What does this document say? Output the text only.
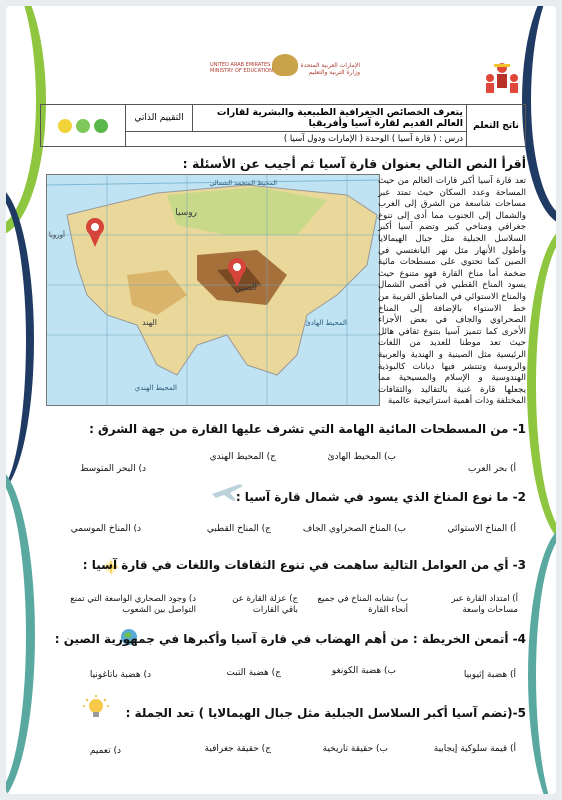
الإمارات العربية المتحدة
وزارة التربية والتعليم
UNITED ARAB EMIRATES
MINISTRY OF EDUCATION
ناتج التعلم	
يتعرف الخصائص الجغرافية الطبيعية والبشرية لقارات
العالم القديم لقارة آسيا وأفريقيا
	التقييم الذاتي	
درس : ( قارة آسيا ) الوحدة ( الإمارات ودول آسيا )
أقرأ النص التالي بعنوان قارة آسيا ثم أجيب عن الأسئلة :
روسيا
أوروبا
الصين
الهند	المحيط الهادئ
المحيط الهندي
المحيط المتجمد الشمالي	تعد قارة آسيا أكبر قارات العالم من حيث المساحة وعدد السكان حيث تمتد عبر مساحات شاسعة من الشرق إلى الغرب والشمال إلى الجنوب مما أدى إلى تنوع جغرافي ومناخي كبير وتضم آسيا أكبر السلاسل الجبلية مثل جبال الهيمالايا وأطول الأنهار مثل نهر اليانغتسي في الصين كما تحتوي على مسطحات مائية ضخمة أما مناخ القارة فهو متنوع حيث يسود المناخ القطبي في أقصى الشمال والمناخ الاستوائي في المناطق القريبة من خط الاستواء بالإضافة إلى المناخ الصحراوي والجاف في بعض الأجزاء الأخرى كما تتميز آسيا بتنوع ثقافي هائل حيث تعد موطنا للعديد من اللغات الرئيسية مثل الصينية و الهندية والعربية والروسية وتنتشر فيها ديانات كالبوذية الهندوسية و الإسلام والمسيحية مما يجعلها قارة غنية بالتقاليد والثقافات المختلفة وذات أهمية استراتيجية عالمية
1- من المسطحات المائية الهامة التي تشرف عليها القارة من جهة الشرق :
أ) بحر العرب
ب) المحيط الهادئ
ج) المحيط الهندي
د) البحر المتوسط
2- ما نوع المناخ الذي يسود في شمال قارة آسيا :
أ) المناخ الاستوائي
ب) المناخ الصحراوي الجاف
ج) المناخ القطبي
د) المناخ الموسمي
3- أي من العوامل التالية ساهمت في تنوع الثقافات واللغات في قارة آسيا :
أ) امتداد القارة عبر مساحات واسعة
ب) تشابه المناخ في جميع أنحاء القارة
ج) عزلة القارة عن باقي القارات
د) وجود الصحاري الواسعة التي تمنع التواصل بين الشعوب
4- أتمعن الخريطة : من أهم الهضاب في قارة آسيا وأكبرها في جمهورية الصين :
أ) هضبة إثيوبيا
ب) هضبة الكونغو
ج) هضبة التبت
د) هضبة باتاغونيا
5-(تضم آسيا أكبر السلاسل الجبلية مثل جبال الهيمالايا ) تعد الجملة :
أ) قيمة سلوكية إيجابية
ب) حقيقة تاريخية
ج) حقيقة جغرافية
د) تعميم
